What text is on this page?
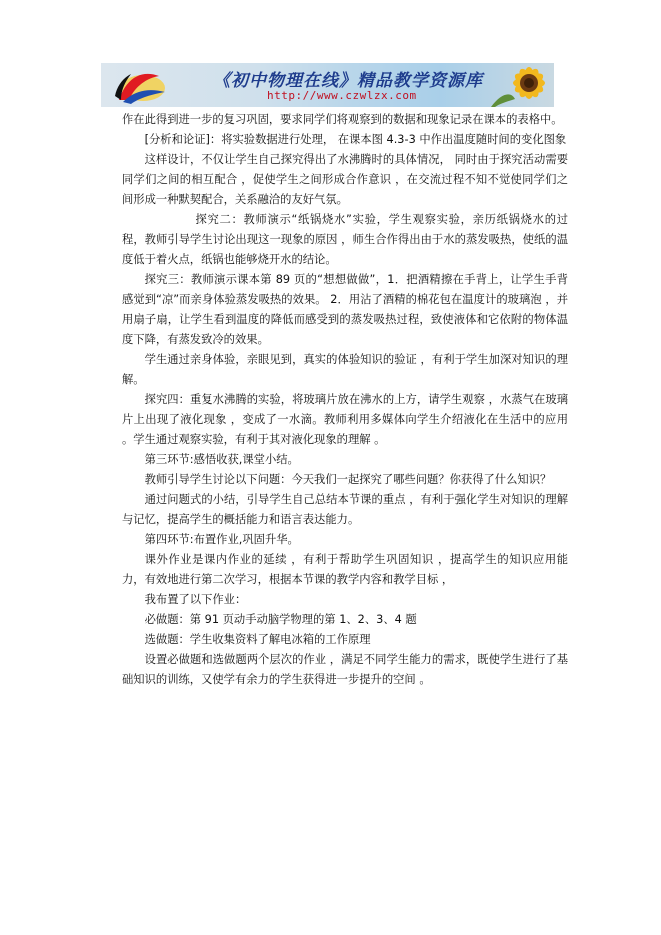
《初中物理在线》精品教学资源库
http://www.czwlzx.com

作在此得到进一步的复习巩固，要求同学们将观察到的数据和现象记录在课本的表格中。

[分析和论证]：将实验数据进行处理， 在课本图 4.3-3 中作出温度随时间的变化图象

这样设计，不仅让学生自己探究得出了水沸腾时的具体情况， 同时由于探究活动需要同学们之间的相互配合 ，促使学生之间形成合作意识 ，在交流过程不知不觉使同学们之间形成一种默契配合，关系融洽的友好气氛。

探究二：教师演示“纸锅烧水”实验，学生观察实验，亲历纸锅烧水的过程，教师引导学生讨论出现这一现象的原因 ，师生合作得出由于水的蒸发吸热，使纸的温度低于着火点，纸锅也能够烧开水的结论。

探究三：教师演示课本第 89 页的“想想做做”，1．把酒精擦在手背上，让学生手背感觉到“凉”而亲身体验蒸发吸热的效果。 2．用沾了酒精的棉花包在温度计的玻璃泡 ，并用扇子扇，让学生看到温度的降低而感受到的蒸发吸热过程，致使液体和它依附的物体温度下降，有蒸发致冷的效果。

学生通过亲身体验，亲眼见到，真实的体验知识的验证 ，有利于学生加深对知识的理解。

探究四：重复水沸腾的实验，将玻璃片放在沸水的上方，请学生观察 ，水蒸气在玻璃片上出现了液化现象 ，变成了一水滴。教师利用多媒体向学生介绍液化在生活中的应用 。学生通过观察实验，有利于其对液化现象的理解 。

第三环节:感悟收获,课堂小结。

教师引导学生讨论以下问题：今天我们一起探究了哪些问题？你获得了什么知识？

通过问题式的小结，引导学生自己总结本节课的重点 ，有利于强化学生对知识的理解与记忆，提高学生的概括能力和语言表达能力。

第四环节:布置作业,巩固升华。

课外作业是课内作业的延续 ，有利于帮助学生巩固知识 ，提高学生的知识应用能力，有效地进行第二次学习，根据本节课的教学内容和教学目标 ，

我布置了以下作业：

必做题：第 91 页动手动脑学物理的第 1、2、3、4 题

选做题：学生收集资料了解电冰箱的工作原理

设置必做题和选做题两个层次的作业 ，满足不同学生能力的需求，既使学生进行了基础知识的训练，又使学有余力的学生获得进一步提升的空间 。
